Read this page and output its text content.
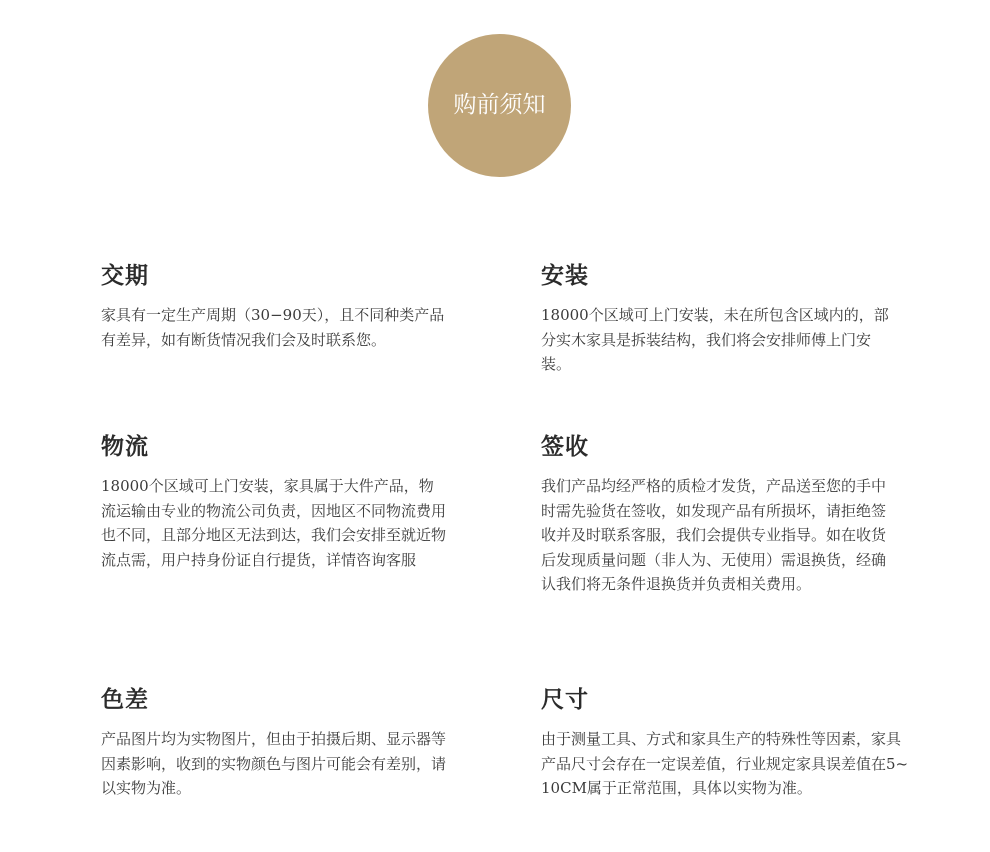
购前须知
交期

家具有一定生产周期（30−90天），且不同种类产品有差异，如有断货情况我们会及时联系您。

安装

18000个区域可上门安装，未在所包含区域内的，部分实木家具是拆装结构，我们将会安排师傅上门安装。

物流

18000个区域可上门安装，家具属于大件产品，物流运输由专业的物流公司负责，因地区不同物流费用也不同，且部分地区无法到达，我们会安排至就近物流点需，用户持身份证自行提货，详情咨询客服

签收

我们产品均经严格的质检才发货，产品送至您的手中时需先验货在签收，如发现产品有所损坏，请拒绝签收并及时联系客服，我们会提供专业指导。如在收货后发现质量问题（非人为、无使用）需退换货，经确认我们将无条件退换货并负责相关费用。

色差

产品图片均为实物图片，但由于拍摄后期、显示器等因素影响，收到的实物颜色与图片可能会有差别，请以实物为准。

尺寸

由于测量工具、方式和家具生产的特殊性等因素，家具产品尺寸会存在一定误差值，行业规定家具误差值在5~10CM属于正常范围，具体以实物为准。
